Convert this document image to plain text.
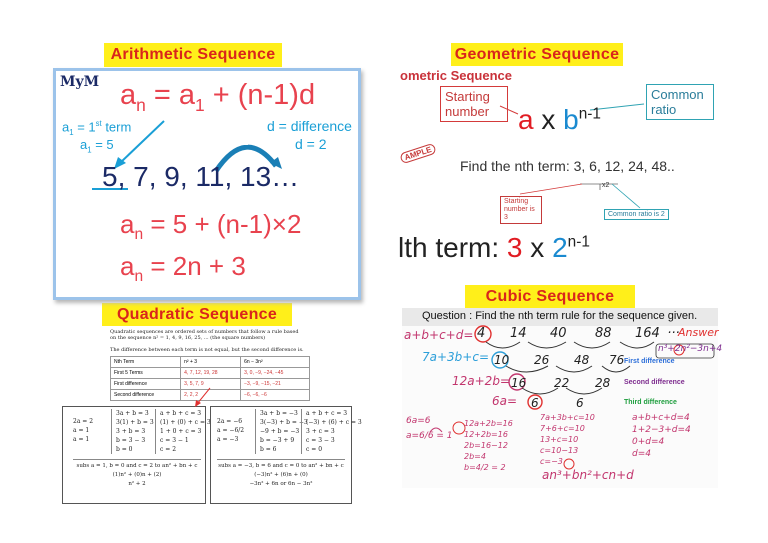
Arithmetic Sequence	Geometric Sequence
Quadratic Sequence
Cubic Sequence
MyM $a_n = a_1 + (n-1)d$
$a_1 = 1st$ term
$a_1 = 5$
d = difference
d = 2
+2
5, 7, 9, 11, 13…
$a_n = 5 + (n-1)\times 2$
$a_n = 2n + 3$
ometric Sequence
Starting number
Common ratio
a x $b^{n-1}$
AMPLE
Find the nth term: 3, 6, 12, 24, 48..
x2
Starting number is 3	Common ratio is 2
lth term: 3 x 2$^{n-1}$
Quadratic sequences are ordered sets of numbers that follow a rule based on the sequence n² = 1, 4, 9, 16, 25, ... (the square numbers)
The difference between each term is not equal, but the second difference is.
Nth Term	n² + 3	6n − 3n²
First 5 Terms	4, 7, 12, 19, 28	3, 0, −9, −24, −45
First difference	3, 5, 7, 9	−3, −9, −15, −21
Second difference	2, 2, 2	−6, −6, −6
2a = 2
a = 1
a = 1
3a + b = 3
3(1) + b = 3
3 + b = 3
b = 3 − 3
b = 0
a + b + c = 3
(1) + (0) + c = 3
1 + 0 + c = 3
c = 3 − 1
c = 2
subs a = 1, b = 0 and c = 2 to an² + bn + c
(1)n² + (0)n + (2)
n² + 2
2a = −6
a = −6/2
a = −3
3a + b = −3
3(−3) + b = −3
−9 + b = −3
b = −3 + 9
b = 6
a + b + c = 3
(−3) + (6) + c = 3
3 + c = 3
c = 3 − 3
c = 0
subs a = −3, b = 6 and c = 0 to an² + bn + c
(−3)n² + (6)n + (0)
−3n² + 6n or 6n − 3n²
Question : Find the nth term rule for the sequence given.
a+b+c+d=
7a+3b+c=
12a+2b=
6a=
4 14 40 88 164 ...
Answer
n³+2n²−3n+4
10 26 48 76 First difference
16 22 28 Second difference
6	6	Third difference
6a=6
a=6/6 = 1
12a+2b=16
12+2b=16
2b=16−12
2b=4
b=4/2 = 2
7a+3b+c=10
7+6+c=10
13+c=10
c=10−13
c=−3
a+b+c+d=4
1+2−3+d=4
0+d=4
d=4
an³+bn²+cn+d
